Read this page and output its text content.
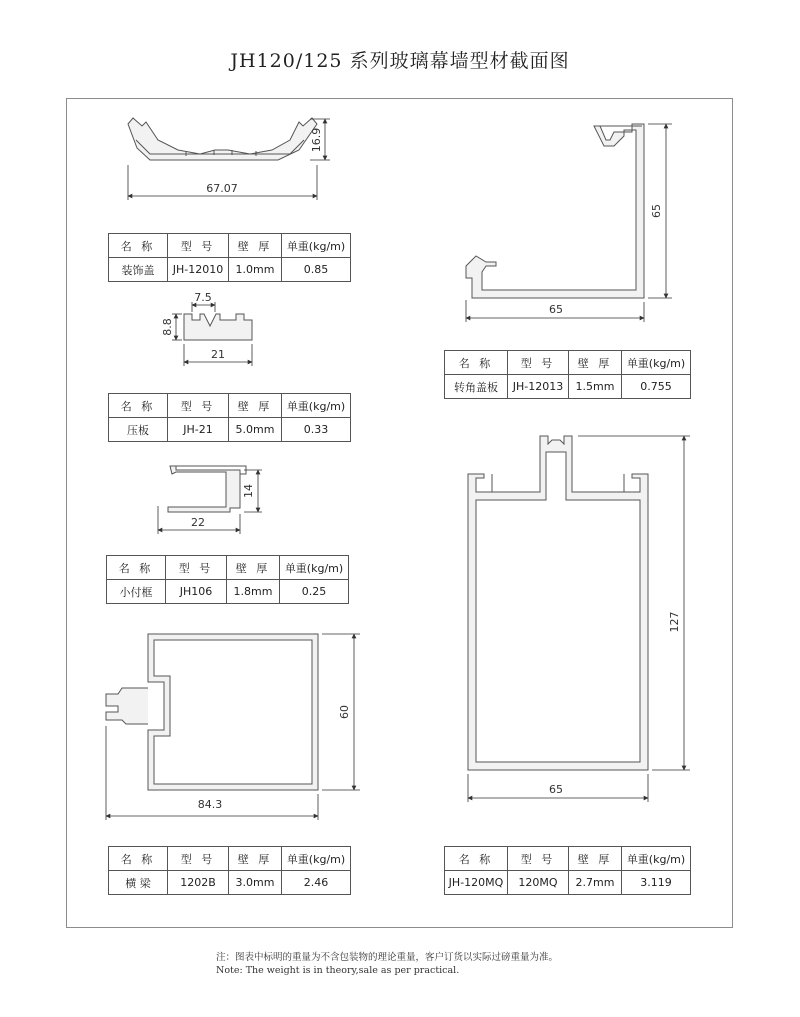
JH120/125 系列玻璃幕墙型材截面图
16.9
67.07
7.5
8.8
21
14
22
60
84.3
65
65
127
65
名 称	型 号	壁 厚	单重(kg/m)
装饰盖	JH-12010	1.0mm	0.85
名 称	型 号	壁 厚	单重(kg/m)
压板	JH-21	5.0mm	0.33
名 称	型 号	壁 厚	单重(kg/m)
小付框	JH106	1.8mm	0.25
名 称	型 号	壁 厚	单重(kg/m)
横 梁	1202B	3.0mm	2.46
名 称	型 号	壁 厚	单重(kg/m)
转角盖板	JH-12013	1.5mm	0.755
名 称	型 号	壁 厚	单重(kg/m)
JH-120MQ	120MQ	2.7mm	3.119
注：图表中标明的重量为不含包装物的理论重量，客户订货以实际过磅重量为准。
Note: The weight is in theory,sale as per practical.
